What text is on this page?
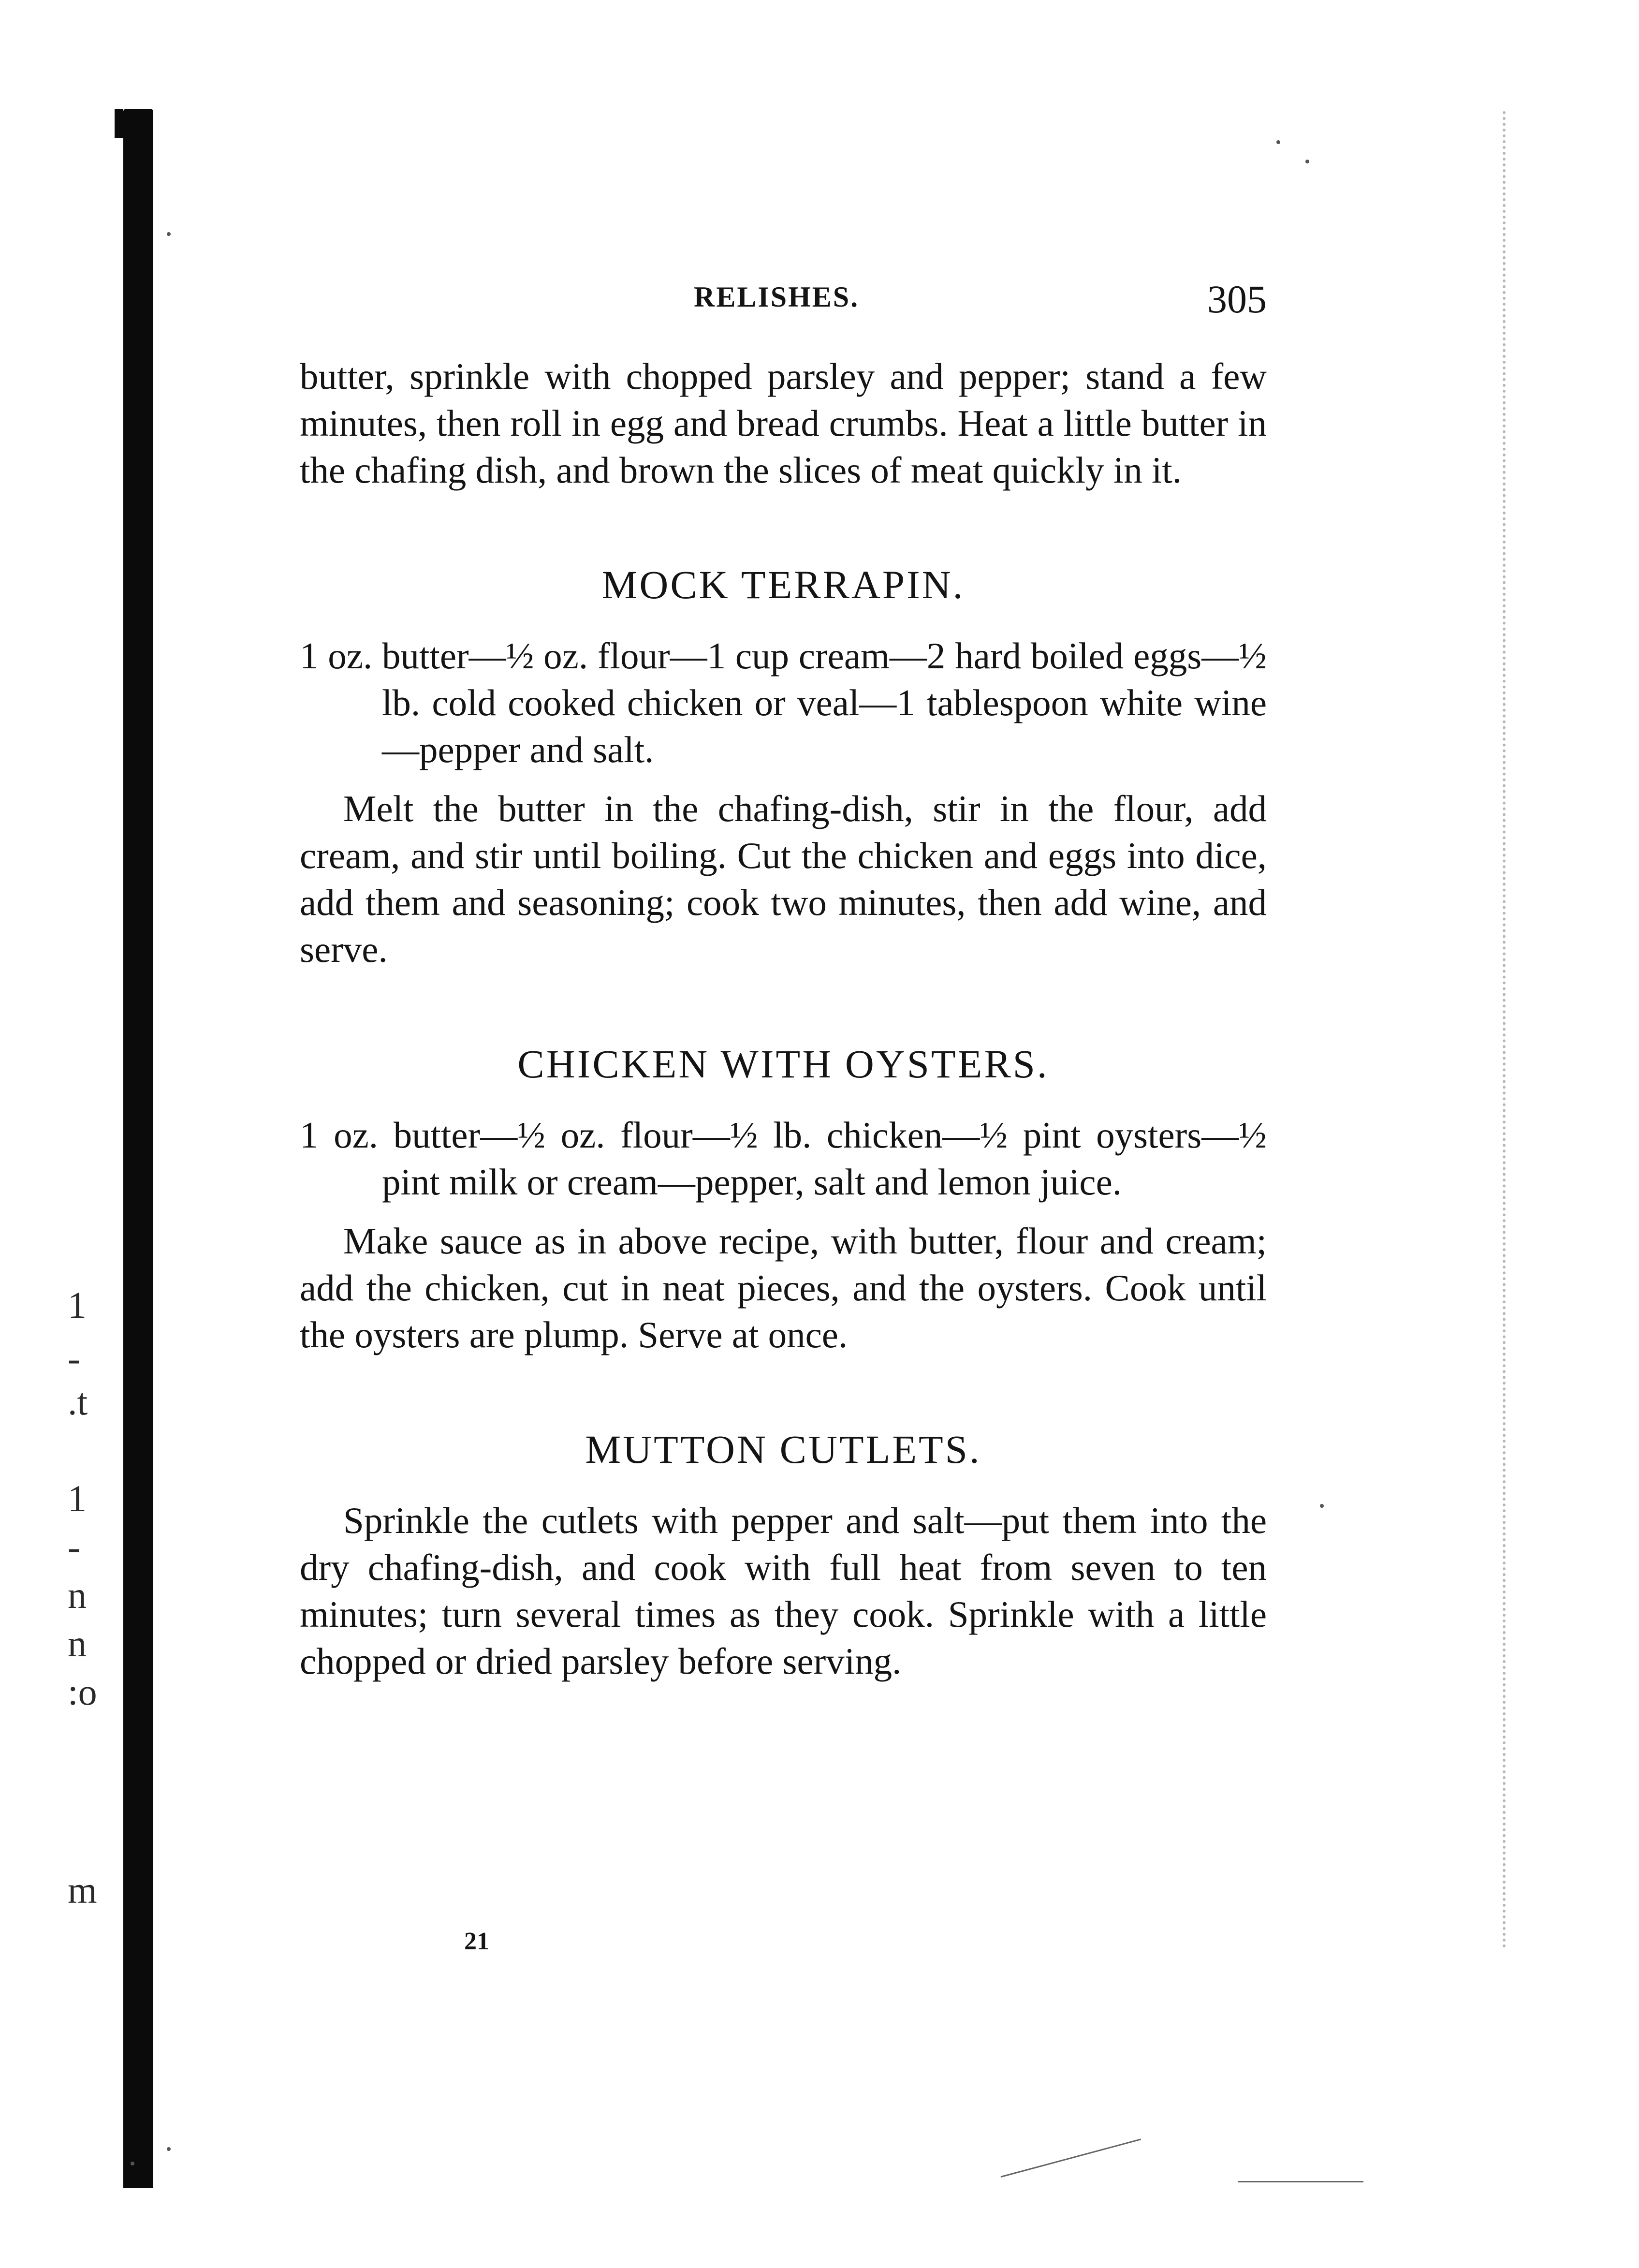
1
-
.t
1
-
n
n
:o
m
RELISHES.	305

butter, sprinkle with chopped parsley and pepper; stand a few minutes, then roll in egg and bread crumbs. Heat a little butter in the chafing dish, and brown the slices of meat quickly in it.

MOCK TERRAPIN.

1 oz. butter—½ oz. flour—1 cup cream—2 hard boiled eggs—½ lb. cold cooked chicken or veal—1 tablespoon white wine—pepper and salt.

Melt the butter in the chafing-dish, stir in the flour, add cream, and stir until boiling. Cut the chicken and eggs into dice, add them and seasoning; cook two minutes, then add wine, and serve.

CHICKEN WITH OYSTERS.

1 oz. butter—½ oz. flour—½ lb. chicken—½ pint oysters—½ pint milk or cream—pepper, salt and lemon juice.

Make sauce as in above recipe, with butter, flour and cream; add the chicken, cut in neat pieces, and the oysters. Cook until the oysters are plump. Serve at once.

MUTTON CUTLETS.

Sprinkle the cutlets with pepper and salt—put them into the dry chafing-dish, and cook with full heat from seven to ten minutes; turn several times as they cook. Sprinkle with a little chopped or dried parsley before serving.

21
